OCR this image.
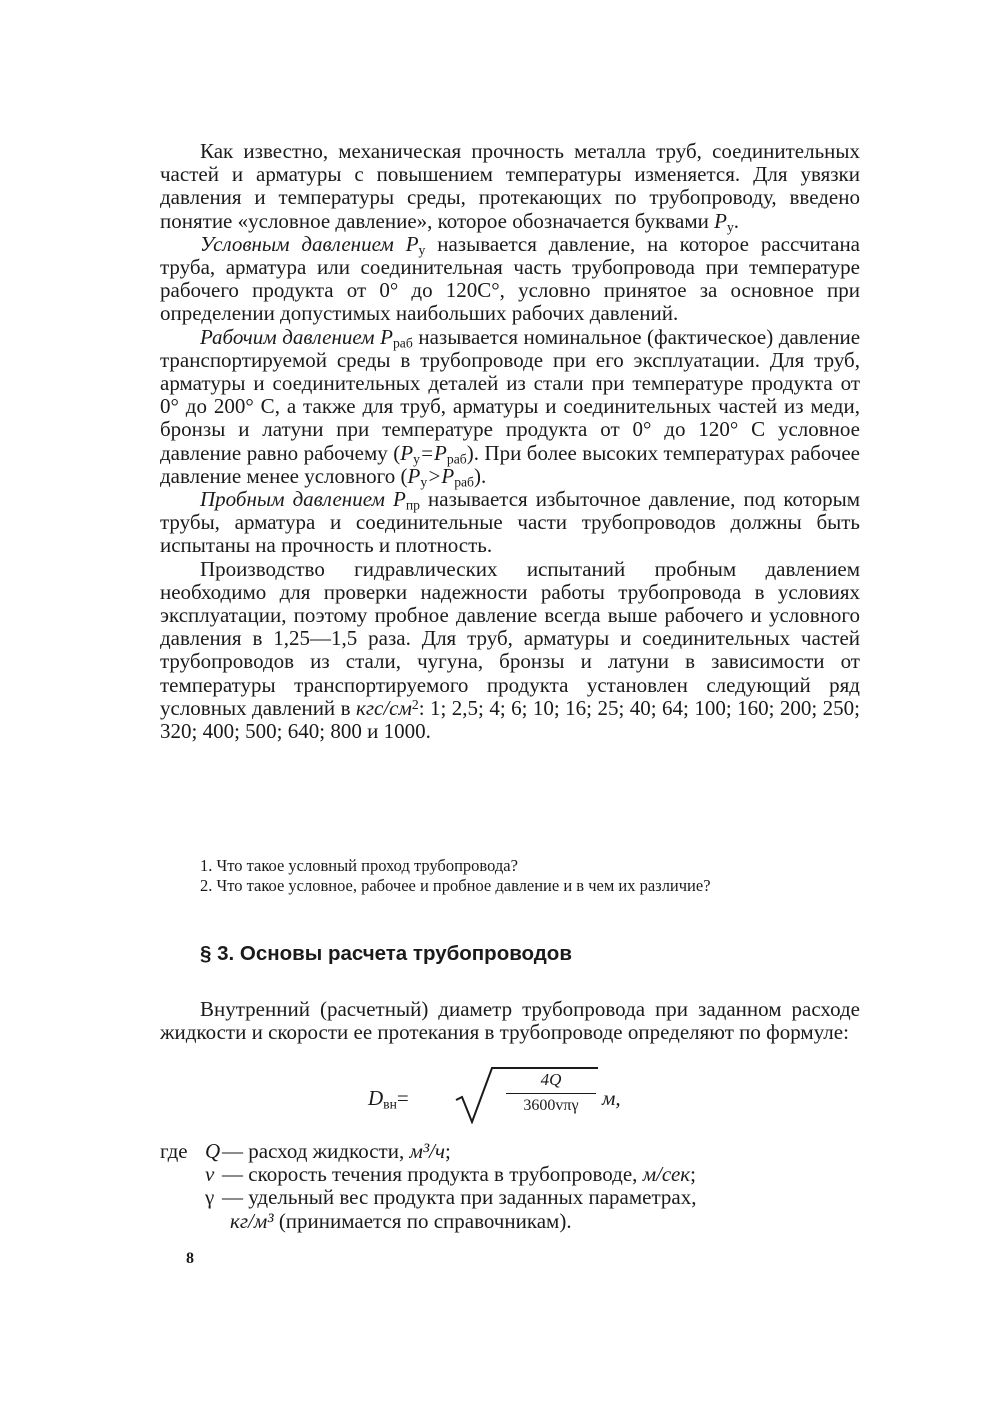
Как известно, механическая прочность металла труб, соединительных частей и арматуры с повышением температуры изменяется. Для увязки давления и температуры среды, протекающих по трубопроводу, введено понятие «условное давление», которое обозначается буквами $P_у$.

Условным давлением $P_у$ называется давление, на которое рассчитана труба, арматура или соединительная часть трубопровода при температуре рабочего продукта от 0° до 120С°, условно принятое за основное при определении допустимых наибольших рабочих давлений.

Рабочим давлением $P_{раб}$ называется номинальное (фактическое) давление транспортируемой среды в трубопроводе при его эксплуатации. Для труб, арматуры и соединительных деталей из стали при температуре продукта от 0° до 200° С, а также для труб, арматуры и соединительных частей из меди, бронзы и латуни при температуре продукта от 0° до 120° С условное давление равно рабочему $(P_у=P_{раб})$. При более высоких температурах рабочее давление менее условного $(P_у>P_{раб})$.

Пробным давлением $P_{пр}$ называется избыточное давление, под которым трубы, арматура и соединительные части трубопроводов должны быть испытаны на прочность и плотность.

Производство гидравлических испытаний пробным давлением необходимо для проверки надежности работы трубопровода в условиях эксплуатации, поэтому пробное давление всегда выше рабочего и условного давления в 1,25—1,5 раза. Для труб, арматуры и соединительных частей трубопроводов из стали, чугуна, бронзы и латуни в зависимости от температуры транспортируемого продукта установлен следующий ряд условных давлений в кгс/$см^2$: 1; 2,5; 4; 6; 10; 16; 25; 40; 64; 100; 160; 200; 250; 320; 400; 500; 640; 800 и 1000.

1. Что такое условный проход трубопровода?
2. Что такое условное, рабочее и пробное давление и в чем их различие?
§ 3. Основы расчета трубопроводов

Внутренний (расчетный) диаметр трубопровода при заданном расходе жидкости и скорости ее протекания в трубопроводе определяют по формуле:

$D_{вн}=$
4Q
3600vπγ	м,
где Q — расход жидкости, м³/ч;
v — скорость течения продукта в трубопроводе, м/сек;
γ — удельный вес продукта при заданных параметрах,
кг/м³ (принимается по справочникам).
8
